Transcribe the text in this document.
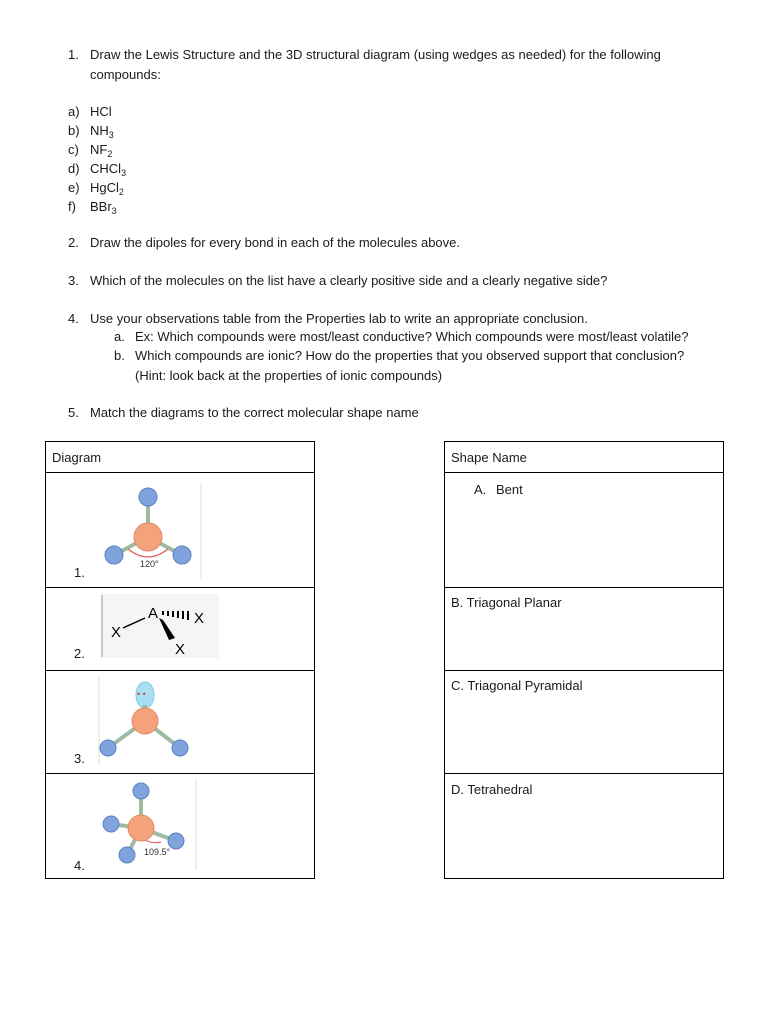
1. Draw the Lewis Structure and the 3D structural diagram (using wedges as needed) for the following
compounds:
a) HCl
b) $NH_3$
c) $NF_2$
d) CHCl$_3$
e) HgCl$_2$
f) BBr$_3$
2. Draw the dipoles for every bond in each of the molecules above.
3. Which of the molecules on the list have a clearly positive side and a clearly negative side?
4. Use your observations table from the Properties lab to write an appropriate conclusion.
a. Ex: Which compounds were most/least conductive? Which compounds were most/least volatile?
b. Which compounds are ionic? How do the properties that you observed support that conclusion?
(Hint: look back at the properties of ionic compounds)
5. Match the diagrams to the correct molecular shape name
Diagram
1.
120°
2.
X
A X
X
3.
• •
4.
109.5°
Shape Name
A. Bent
B. Triagonal Planar
C. Triagonal Pyramidal
D. Tetrahedral
